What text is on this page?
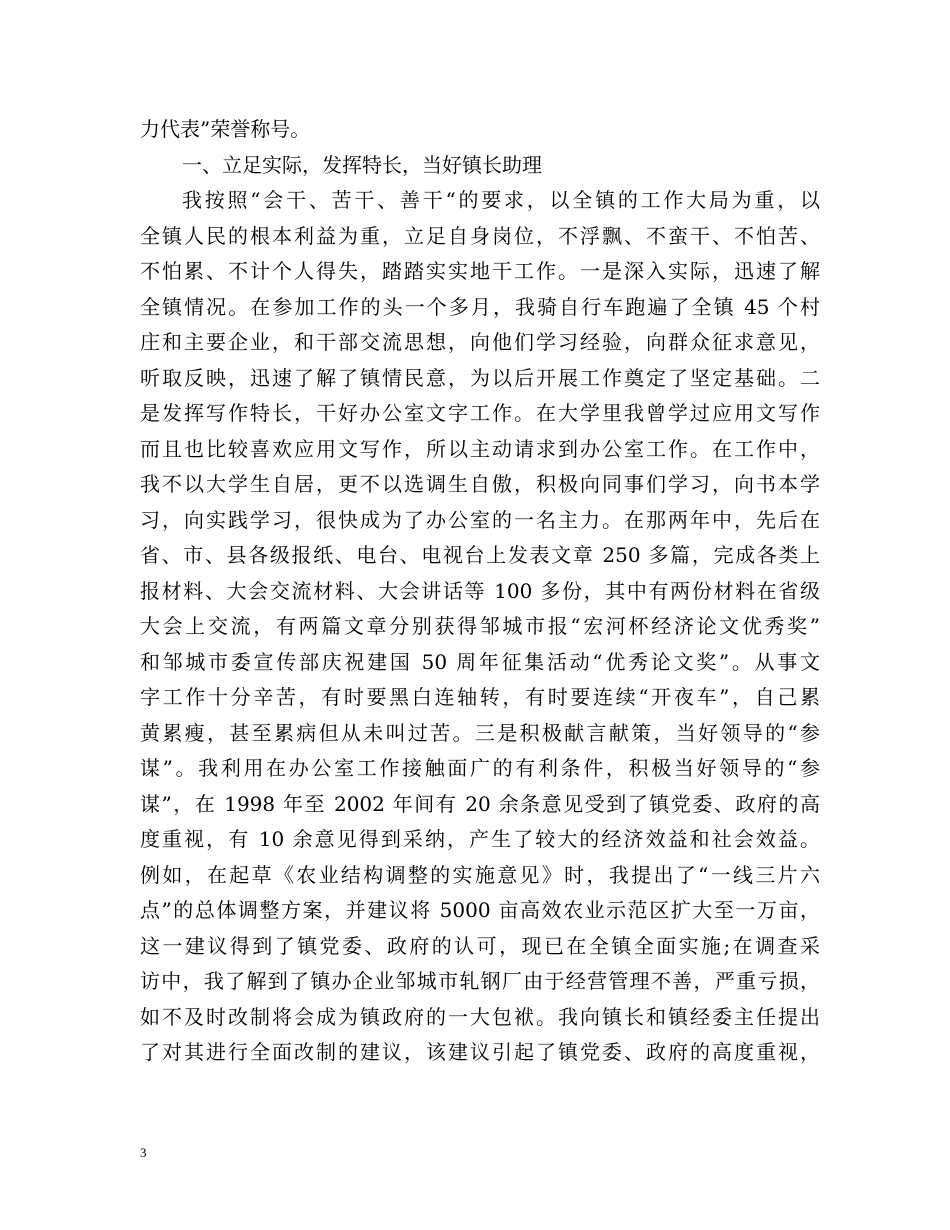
力代表”荣誉称号。
一、立足实际，发挥特长，当好镇长助理
我按照“会干、苦干、善干“的要求，以全镇的工作大局为重，以
全镇人民的根本利益为重，立足自身岗位，不浮飘、不蛮干、不怕苦、
不怕累、不计个人得失，踏踏实实地干工作。一是深入实际，迅速了解
全镇情况。在参加工作的头一个多月，我骑自行车跑遍了全镇 45 个村
庄和主要企业，和干部交流思想，向他们学习经验，向群众征求意见，
听取反映，迅速了解了镇情民意，为以后开展工作奠定了坚定基础。二
是发挥写作特长，干好办公室文字工作。在大学里我曾学过应用文写作
而且也比较喜欢应用文写作，所以主动请求到办公室工作。在工作中，
我不以大学生自居，更不以选调生自傲，积极向同事们学习，向书本学
习，向实践学习，很快成为了办公室的一名主力。在那两年中，先后在
省、市、县各级报纸、电台、电视台上发表文章 250 多篇，完成各类上
报材料、大会交流材料、大会讲话等 100 多份，其中有两份材料在省级
大会上交流，有两篇文章分别获得邹城市报“宏河杯经济论文优秀奖”
和邹城市委宣传部庆祝建国 50 周年征集活动“优秀论文奖”。从事文
字工作十分辛苦，有时要黑白连轴转，有时要连续“开夜车”，自己累
黄累瘦，甚至累病但从未叫过苦。三是积极献言献策，当好领导的“参
谋”。我利用在办公室工作接触面广的有利条件，积极当好领导的“参
谋”，在 1998 年至 2002 年间有 20 余条意见受到了镇党委、政府的高
度重视，有 10 余意见得到采纳，产生了较大的经济效益和社会效益。
例如，在起草《农业结构调整的实施意见》时，我提出了“一线三片六
点”的总体调整方案，并建议将 5000 亩高效农业示范区扩大至一万亩，
这一建议得到了镇党委、政府的认可，现已在全镇全面实施;在调查采
访中，我了解到了镇办企业邹城市轧钢厂由于经营管理不善，严重亏损，
如不及时改制将会成为镇政府的一大包袱。我向镇长和镇经委主任提出
了对其进行全面改制的建议，该建议引起了镇党委、政府的高度重视，
3
